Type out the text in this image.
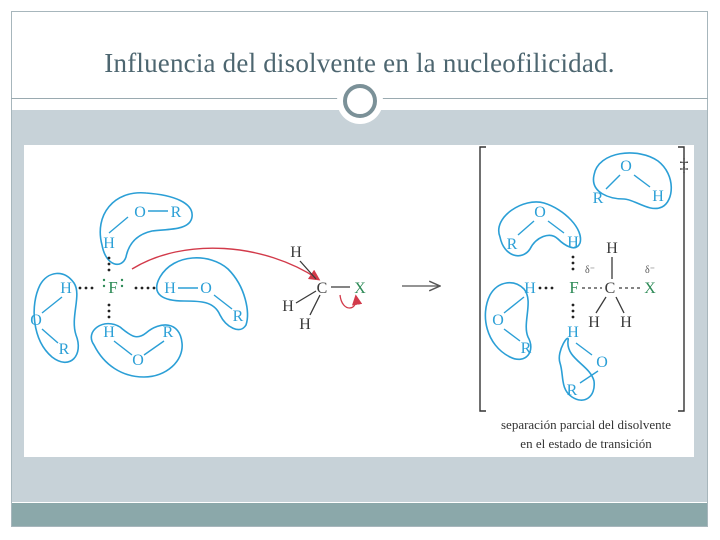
Influencia del disolvente en la nucleofilicidad.
O R
H
H
O
R
H O
R
H	R
O
F
H
C
H
H
X
‡
O
R	H
O
R	H
H
O
R
H
O
R
F
δ⁻
C
H
H H
X
δ⁻
separación parcial del disolvente
en el estado de transición
